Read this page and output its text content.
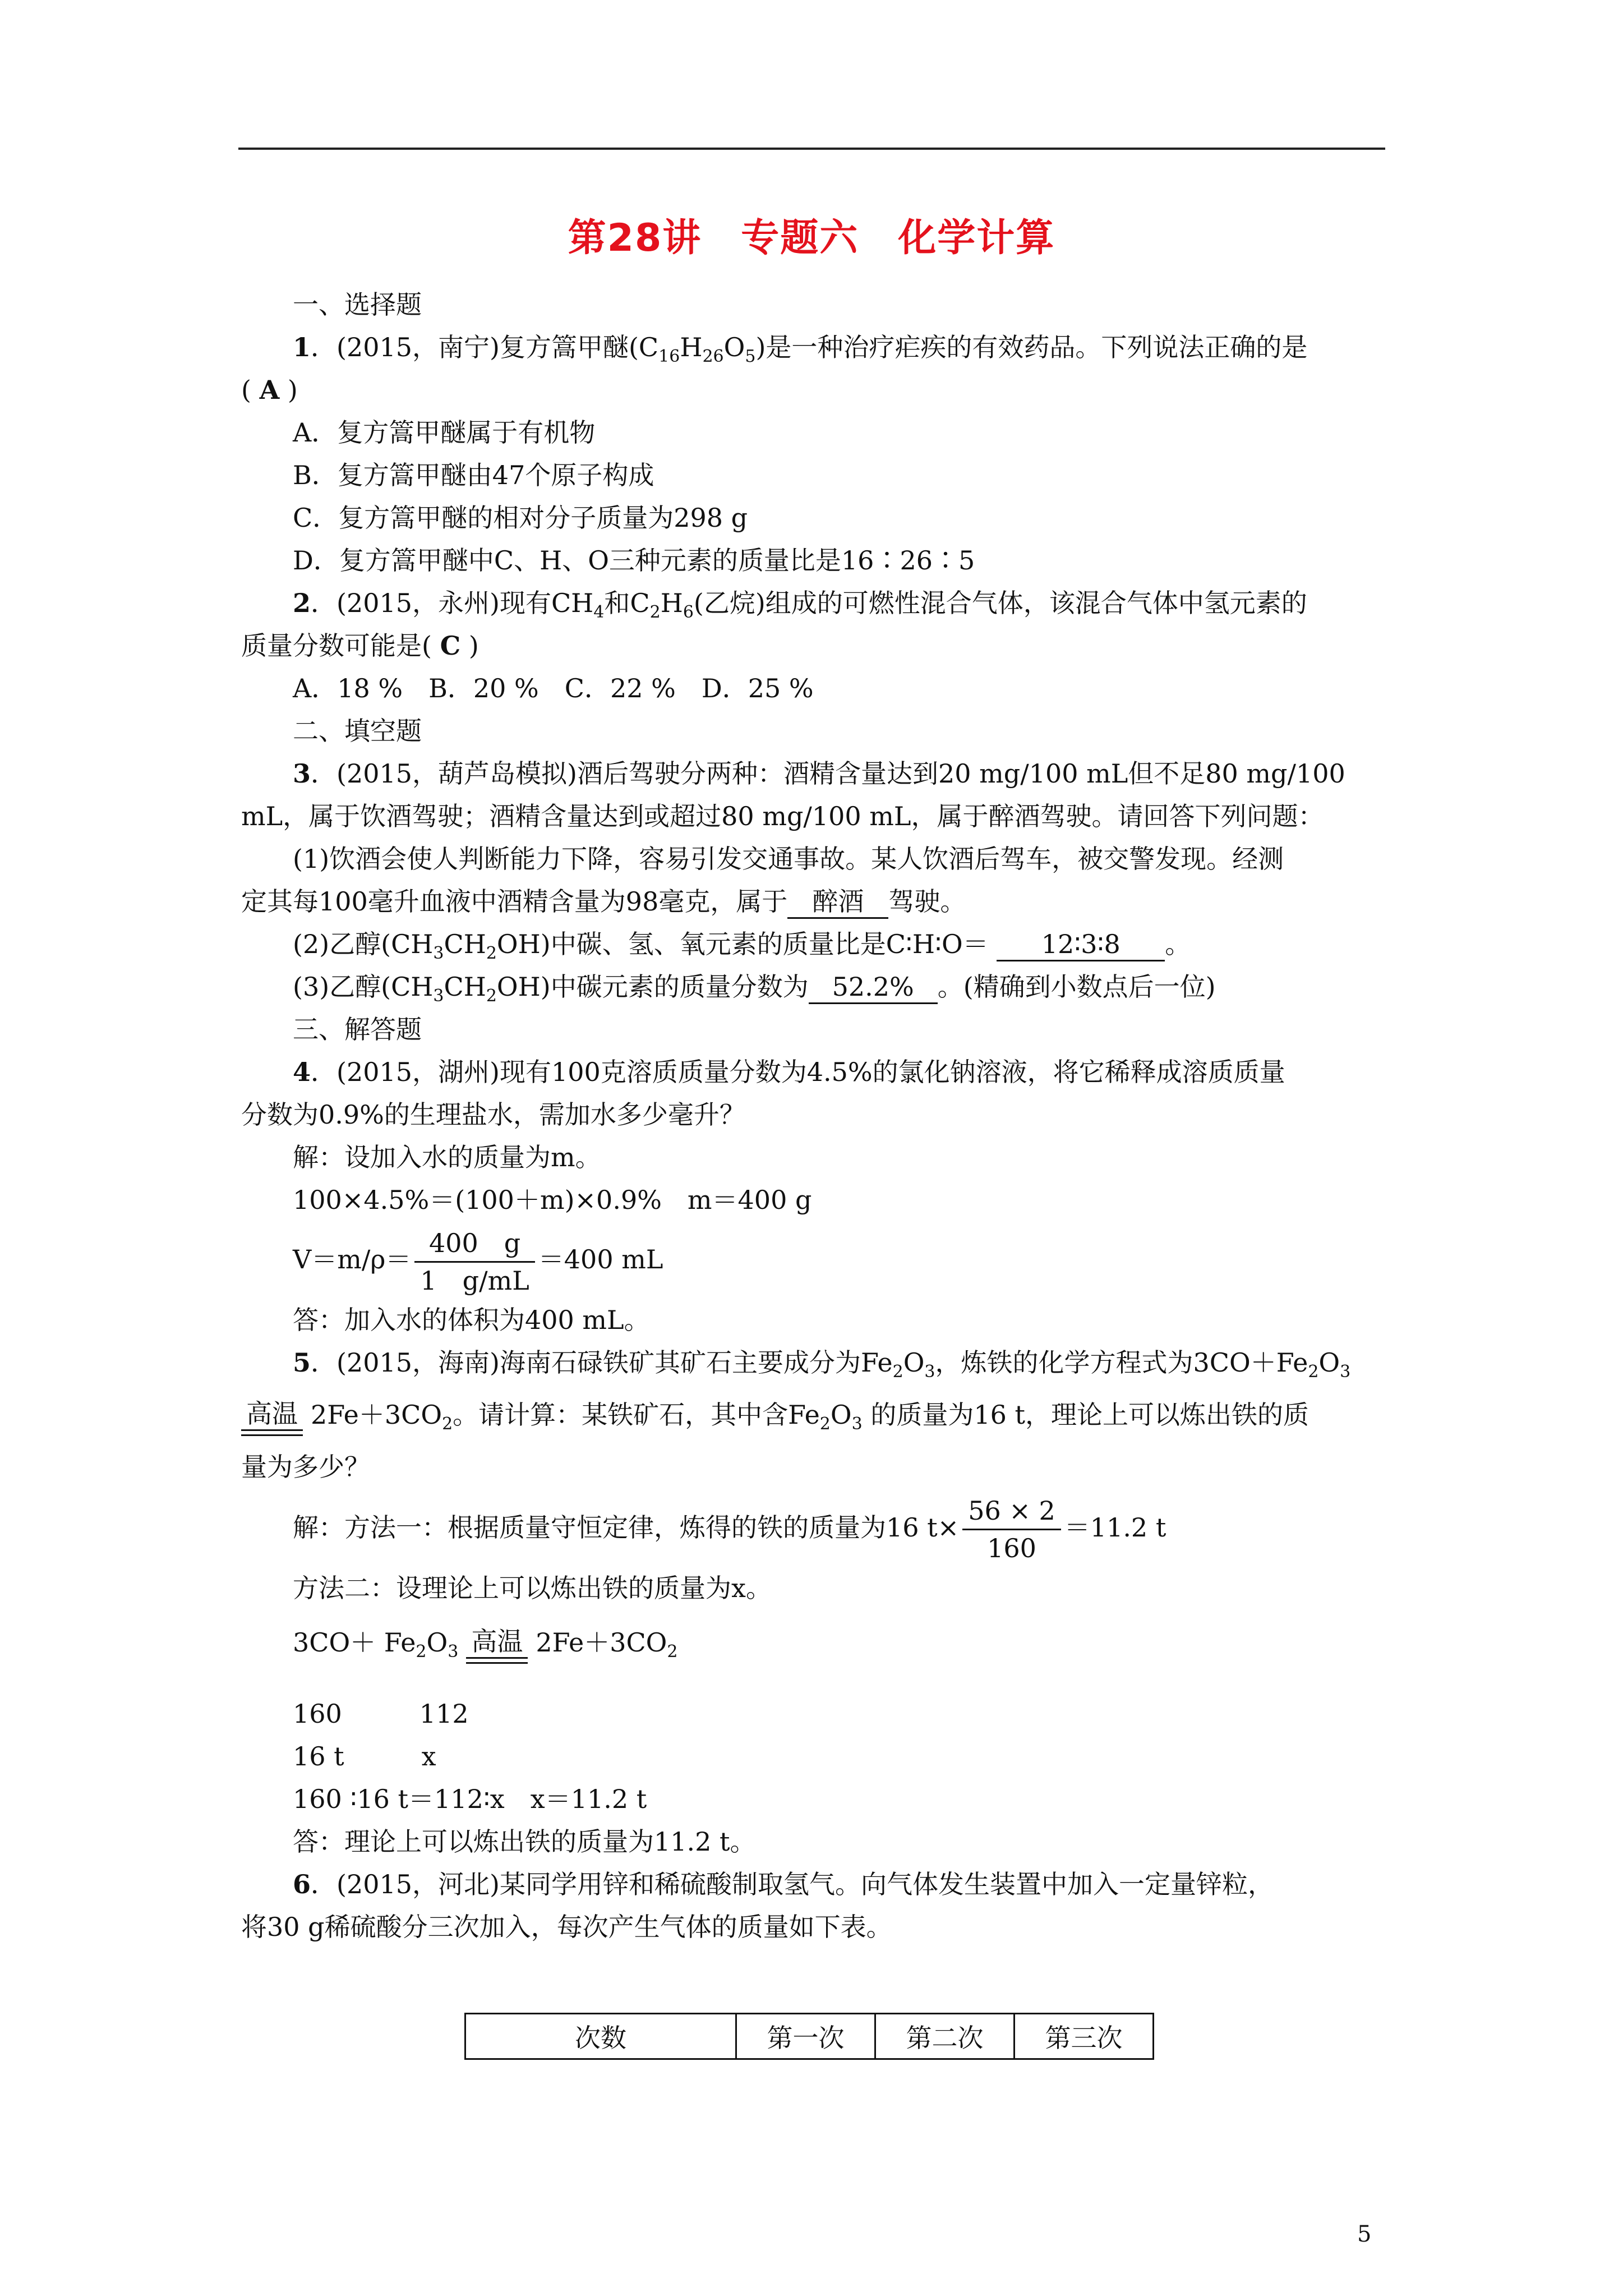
第28讲　专题六　化学计算
一、选择题
1．(2015，南宁)复方篙甲醚$(C_{16}H_{26}O_5)$是一种治疗疟疾的有效药品。下列说法正确的是
( A )
A．复方篙甲醚属于有机物
B．复方篙甲醚由47个原子构成
C．复方篙甲醚的相对分子质量为298 g
D．复方篙甲醚中C、H、O三种元素的质量比是16∶26∶5
2．(2015，永州)现有$CH_4$和$C_2H_6$(乙烷)组成的可燃性混合气体，该混合气体中氢元素的
质量分数可能是( C )
A．18 %　B．20 %　C．22 %　D．25 %
二、填空题
3．(2015，葫芦岛模拟)酒后驾驶分两种：酒精含量达到20 mg/100 mL但不足80 mg/100
mL，属于饮酒驾驶；酒精含量达到或超过80 mg/100 mL，属于醉酒驾驶。请回答下列问题：
(1)饮酒会使人判断能力下降，容易引发交通事故。某人饮酒后驾车，被交警发现。经测
定其每100毫升血液中酒精含量为98毫克，属于 醉酒 驾驶。
(2)乙醇$(CH_3CH_2OH)$中碳、氢、氧元素的质量比是C∶H∶O＝ 12∶3∶8 。
(3)乙醇$(CH_3CH_2OH)$中碳元素的质量分数为 52.2% 。(精确到小数点后一位)
三、解答题
4．(2015，湖州)现有100克溶质质量分数为4.5%的氯化钠溶液，将它稀释成溶质质量
分数为0.9%的生理盐水，需加水多少毫升？
解：设加入水的质量为m。
100×4.5%＝(100＋m)×0.9%　m＝400 g
$V=m/\rho= \frac{400 g}{1 g/mL} =400$ mL
答：加入水的体积为400 mL。
5．(2015，海南)海南石碌铁矿其矿石主要成分为$Fe_2O_3$，炼铁的化学方程式为$3CO+Fe_2O_3$
高温 $2Fe+3CO_2$。请计算：某铁矿石，其中含$Fe_2O_3$ 的质量为16 t，理论上可以炼出铁的质
量为多少？
解：方法一：根据质量守恒定律，炼得的铁的质量为16 $t\times \frac{56 \times 2}{160} =11.2$ t
方法二：设理论上可以炼出铁的质量为x。
$3CO+ Fe_2O_3$ 高温 $2Fe+3CO_2$
160　　　112
16 t　　　x
160 ∶16 t＝112∶x　x＝11.2 t
答：理论上可以炼出铁的质量为11.2 t。
6．(2015，河北)某同学用锌和稀硫酸制取氢气。向气体发生装置中加入一定量锌粒，
将30 g稀硫酸分三次加入，每次产生气体的质量如下表。
次数	第一次	第二次	第三次
5
